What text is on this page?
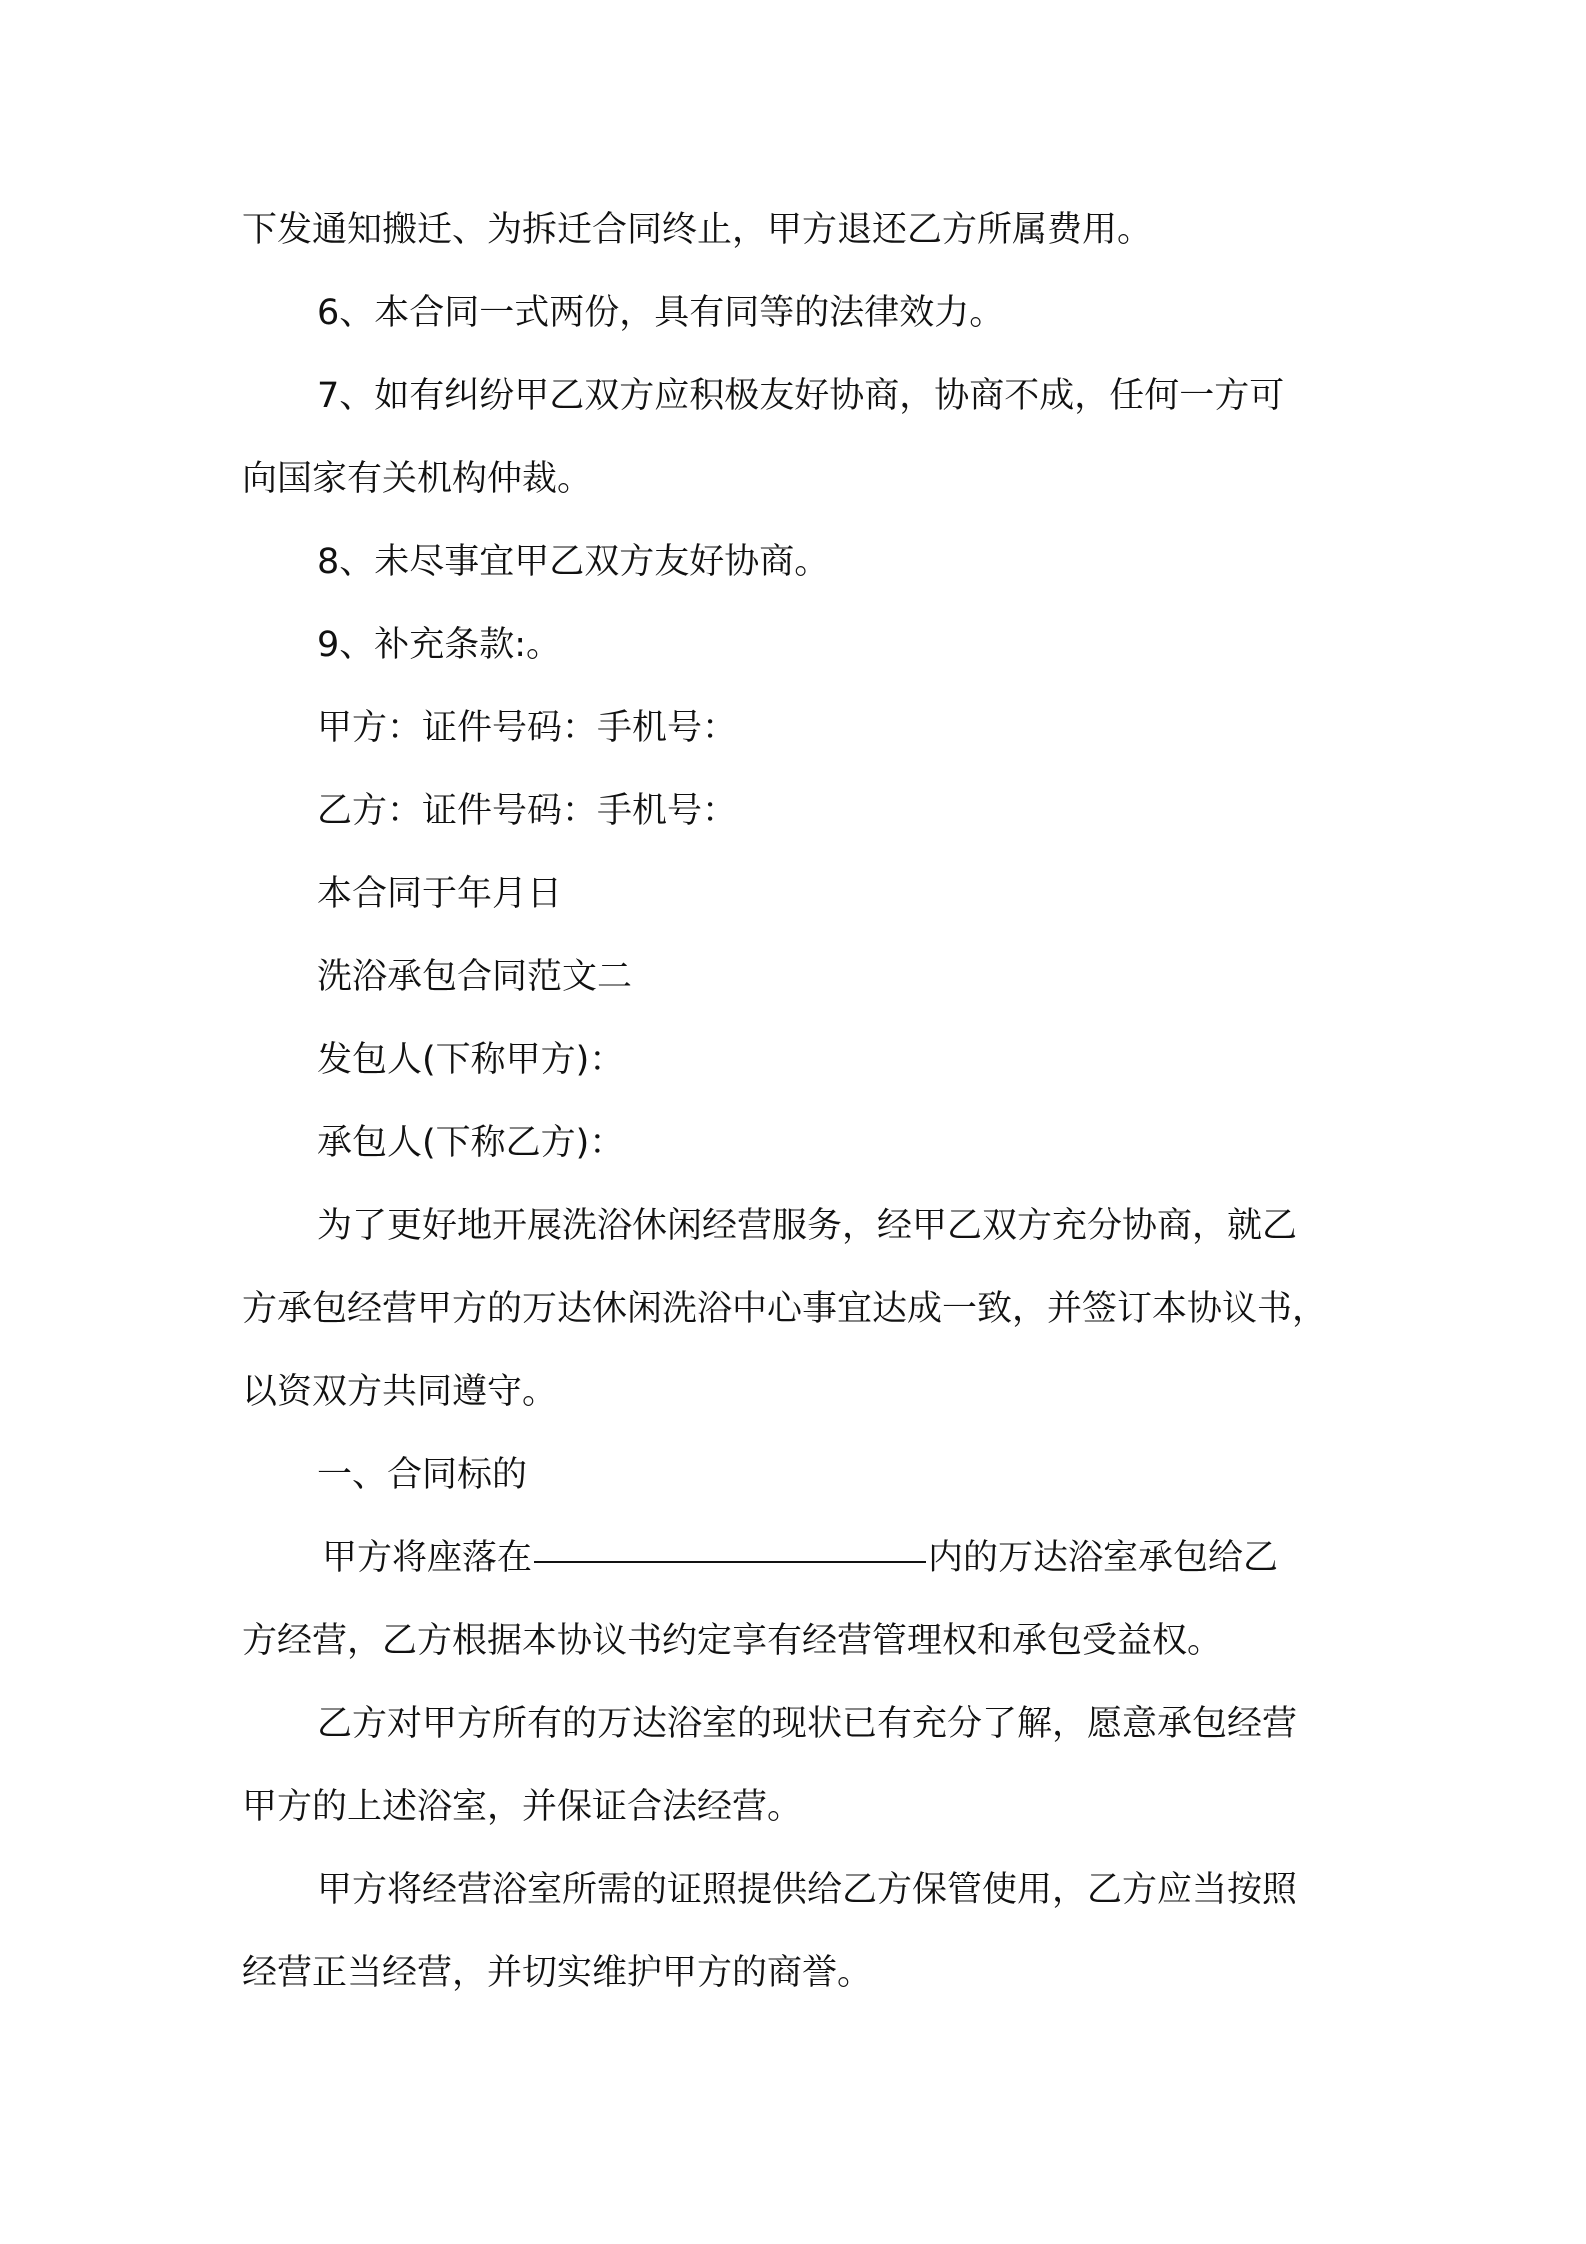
下发通知搬迁、为拆迁合同终止，甲方退还乙方所属费用。
6、本合同一式两份，具有同等的法律效力。
7、如有纠纷甲乙双方应积极友好协商，协商不成，任何一方可
向国家有关机构仲裁。
8、未尽事宜甲乙双方友好协商。
9、补充条款:。
甲方：证件号码：手机号：
乙方：证件号码：手机号：
本合同于年月日
洗浴承包合同范文二
发包人(下称甲方)：
承包人(下称乙方)：
为了更好地开展洗浴休闲经营服务，经甲乙双方充分协商，就乙
方承包经营甲方的万达休闲洗浴中心事宜达成一致，并签订本协议书，
以资双方共同遵守。
一、合同标的
甲方将座落在	内的万达浴室承包给乙
方经营，乙方根据本协议书约定享有经营管理权和承包受益权。
乙方对甲方所有的万达浴室的现状已有充分了解，愿意承包经营
甲方的上述浴室，并保证合法经营。
甲方将经营浴室所需的证照提供给乙方保管使用，乙方应当按照
经营正当经营，并切实维护甲方的商誉。
